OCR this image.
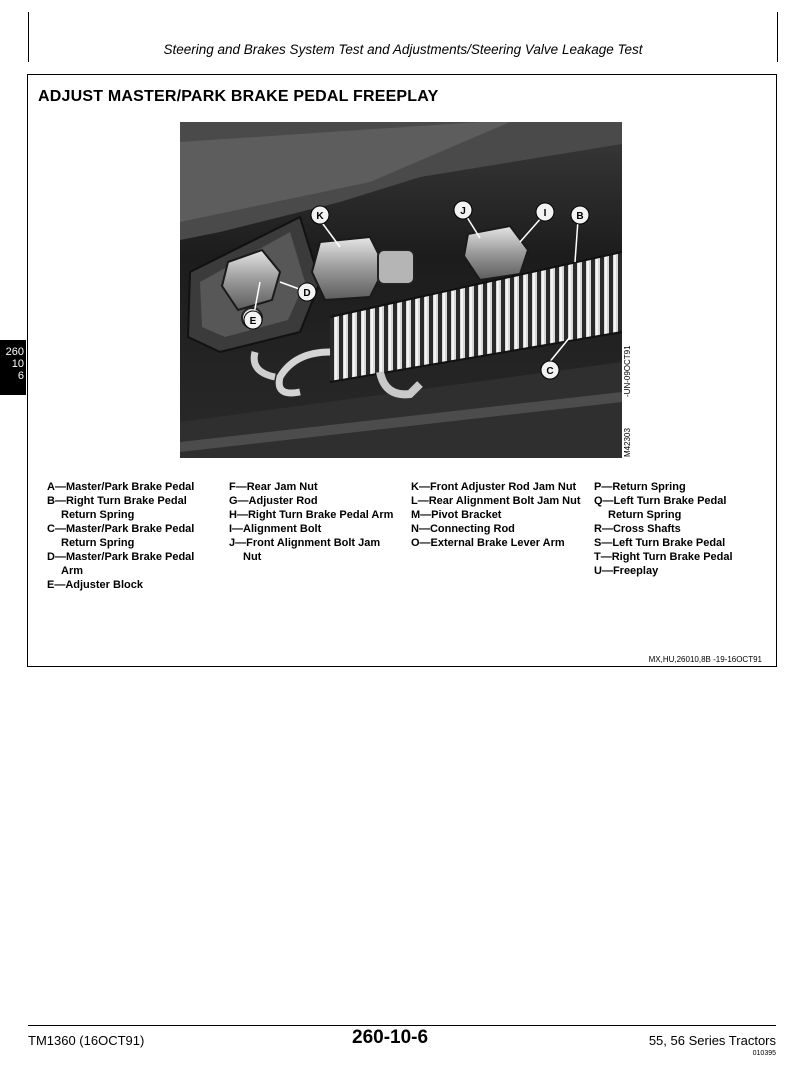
Steering and Brakes System Test and Adjustments/Steering Valve Leakage Test
260
10
6
ADJUST MASTER/PARK BRAKE PEDAL FREEPLAY
K	J	I	B
D
E
C	-UN-09OCT91
M42303
A—Master/Park Brake Pedal
B—Right Turn Brake Pedal Return Spring
C—Master/Park Brake Pedal Return Spring
D—Master/Park Brake Pedal Arm
E—Adjuster Block
F—Rear Jam Nut
G—Adjuster Rod
H—Right Turn Brake Pedal Arm
I—Alignment Bolt
J—Front Alignment Bolt Jam Nut
K—Front Adjuster Rod Jam Nut
L—Rear Alignment Bolt Jam Nut
M—Pivot Bracket
N—Connecting Rod
O—External Brake Lever Arm
P—Return Spring
Q—Left Turn Brake Pedal Return Spring
R—Cross Shafts
S—Left Turn Brake Pedal
T—Right Turn Brake Pedal
U—Freeplay
MX,HU,26010,8B -19-16OCT91
TM1360 (16OCT91)	260-10-6	55, 56 Series Tractors
010395
